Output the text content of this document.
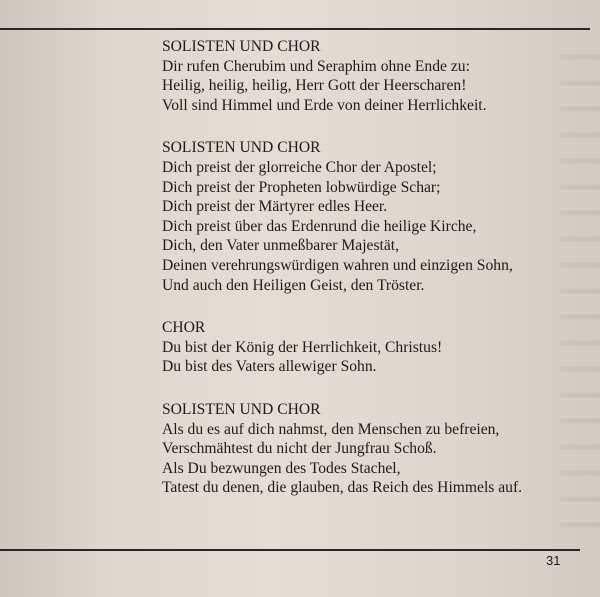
SOLISTEN UND CHOR
Dir rufen Cherubim und Seraphim ohne Ende zu:
Heilig, heilig, heilig, Herr Gott der Heerscharen!
Voll sind Himmel und Erde von deiner Herrlichkeit.
SOLISTEN UND CHOR
Dich preist der glorreiche Chor der Apostel;
Dich preist der Propheten lobwürdige Schar;
Dich preist der Märtyrer edles Heer.
Dich preist über das Erdenrund die heilige Kirche,
Dich, den Vater unmeßbarer Majestät,
Deinen verehrungswürdigen wahren und einzigen Sohn,
Und auch den Heiligen Geist, den Tröster.
CHOR
Du bist der König der Herrlichkeit, Christus!
Du bist des Vaters allewiger Sohn.
SOLISTEN UND CHOR
Als du es auf dich nahmst, den Menschen zu befreien,
Verschmähtest du nicht der Jungfrau Schoß.
Als Du bezwungen des Todes Stachel,
Tatest du denen, die glauben, das Reich des Himmels auf.
31
